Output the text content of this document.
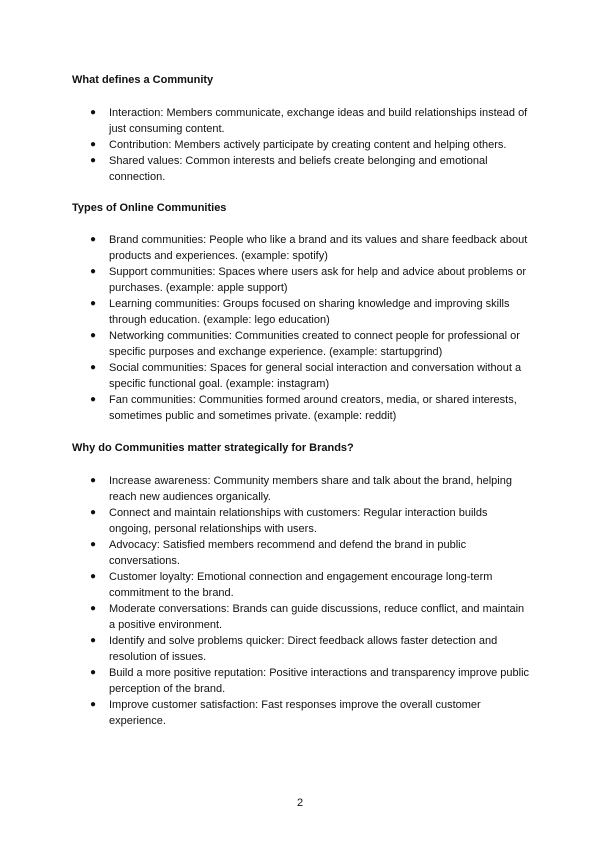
What defines a Community
●	Interaction: Members communicate, exchange ideas and build relationships instead of just consuming content.
●	Contribution: Members actively participate by creating content and helping others.
●	Shared values: Common interests and beliefs create belonging and emotional connection.
Types of Online Communities
●	Brand communities: People who like a brand and its values and share feedback about products and experiences. (example: spotify)
●	Support communities: Spaces where users ask for help and advice about problems or purchases. (example: apple support)
●	Learning communities: Groups focused on sharing knowledge and improving skills through education. (example: lego education)
●	Networking communities: Communities created to connect people for professional or specific purposes and exchange experience. (example: startupgrind)
●	Social communities: Spaces for general social interaction and conversation without a specific functional goal. (example: instagram)
●	Fan communities: Communities formed around creators, media, or shared interests, sometimes public and sometimes private. (example: reddit)
Why do Communities matter strategically for Brands?
●	Increase awareness: Community members share and talk about the brand, helping reach new audiences organically.
●	Connect and maintain relationships with customers: Regular interaction builds ongoing, personal relationships with users.
●	Advocacy: Satisfied members recommend and defend the brand in public conversations.
●	Customer loyalty: Emotional connection and engagement encourage long-term commitment to the brand.
●	Moderate conversations: Brands can guide discussions, reduce conflict, and maintain a positive environment.
●	Identify and solve problems quicker: Direct feedback allows faster detection and resolution of issues.
●	Build a more positive reputation: Positive interactions and transparency improve public perception of the brand.
●	Improve customer satisfaction: Fast responses improve the overall customer experience.
2
